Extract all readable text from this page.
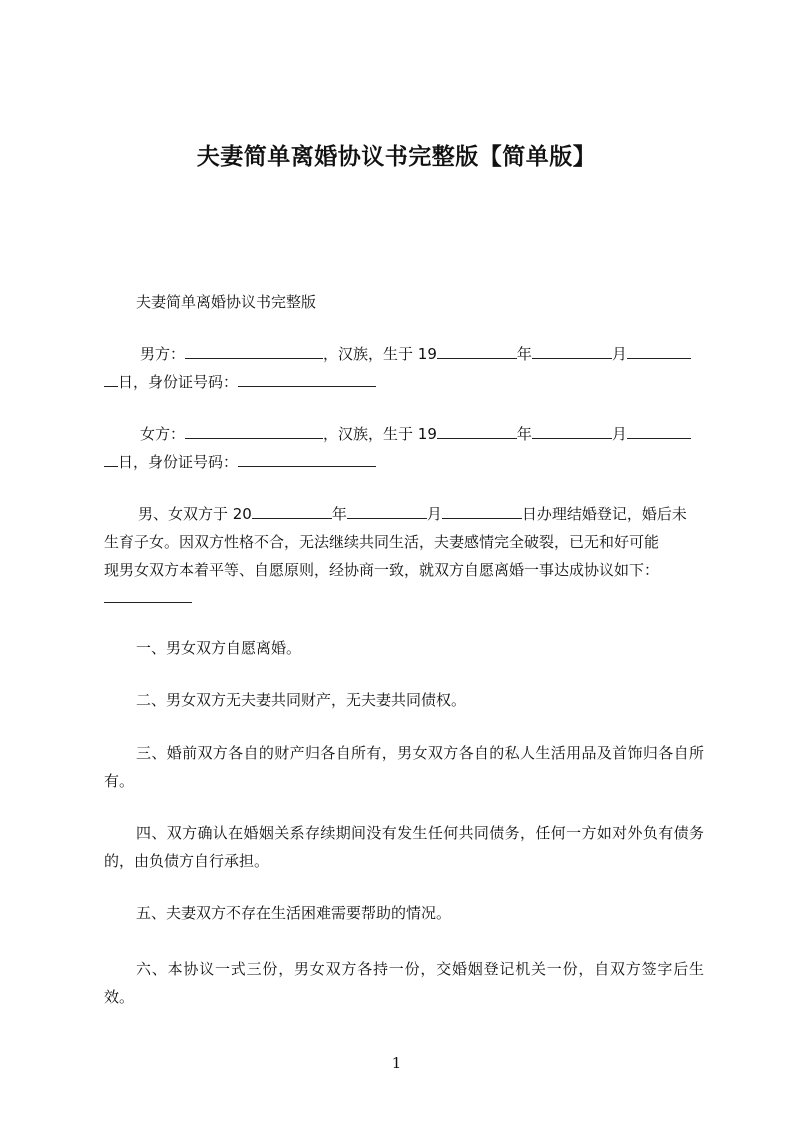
夫妻简单离婚协议书完整版【简单版】

夫妻简单离婚协议书完整版

男方：	，汉族，生于 19	年	月
日，身份证号码：
女方：	，汉族，生于 19	年	月
日，身份证号码：
男、女双方于 20	年	月	日办理结婚登记，婚后未

生育子女。因双方性格不合，无法继续共同生活，夫妻感情完全破裂，已无和好可能

现男女双方本着平等、自愿原则，经协商一致，就双方自愿离婚一事达成协议如下：

一、男女双方自愿离婚。

二、男女双方无夫妻共同财产，无夫妻共同债权。

三、婚前双方各自的财产归各自所有，男女双方各自的私人生活用品及首饰归各自所有。

四、双方确认在婚姻关系存续期间没有发生任何共同债务，任何一方如对外负有债务的，由负债方自行承担。

五、夫妻双方不存在生活困难需要帮助的情况。

六、本协议一式三份，男女双方各持一份，交婚姻登记机关一份，自双方签字后生效。

1
